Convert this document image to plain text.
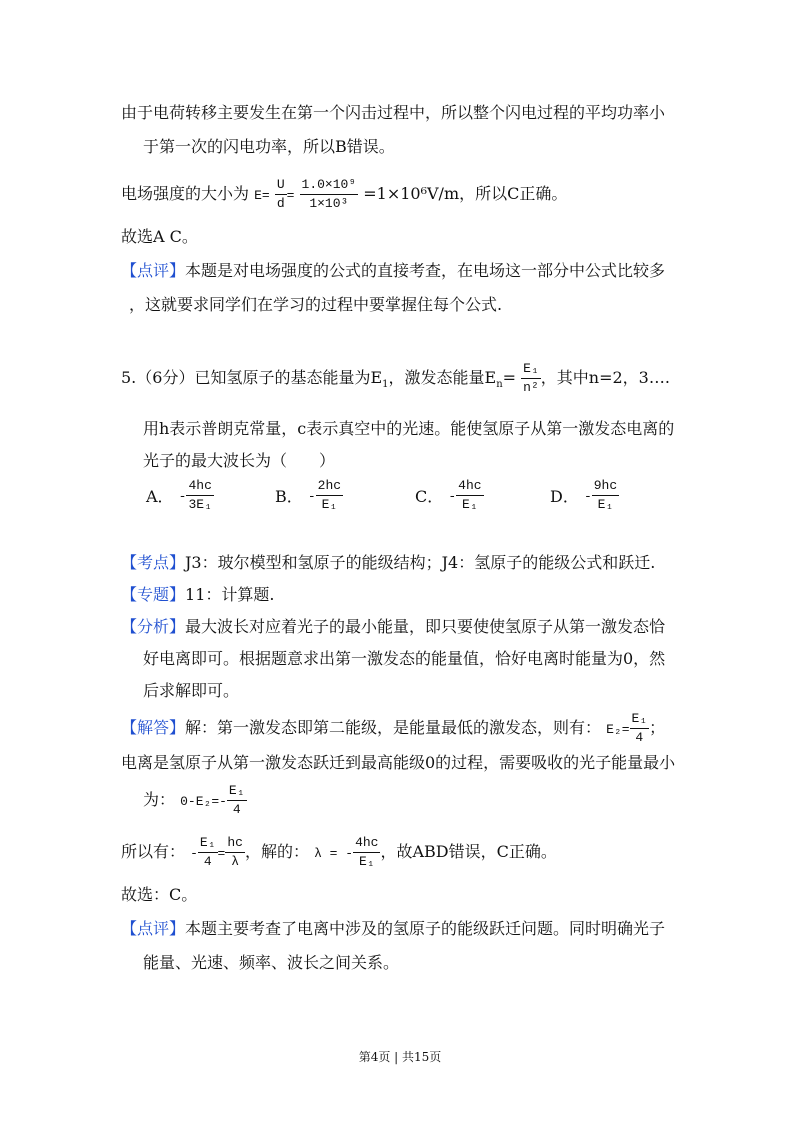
由于电荷转移主要发生在第一个闪击过程中，所以整个闪电过程的平均功率小
于第一次的闪电功率，所以B错误。
电场强度的大小为 $E= \frac{U}{d} = \frac{\text{1.0×10⁹}}{\text{1×10³}} =1\times 10^6V/m$，所以C正确。
故选A C。
【点评】本题是对电场强度的公式的直接考查，在电场这一部分中公式比较多
，这就要求同学们在学习的过程中要掌握住每个公式.
5.（6分）已知氢原子的基态能量为$E_1$，激发态能量$E_n= \frac{\text{E₁}}{\text{n²}}$ ，其中n=2，3….
用h表示普朗克常量，c表示真空中的光速。能使氢原子从第一激发态电离的
光子的最大波长为（　　）
A． - $\frac{4hc}{\text{3E₁}}$	B． - $\frac{2hc}{\text{E₁}}$	C． - $\frac{4hc}{\text{E₁}}$	D． - $\frac{9hc}{\text{E₁}}$
【考点】J3：玻尔模型和氢原子的能级结构；J4：氢原子的能级公式和跃迁.
【专题】11：计算题.
【分析】最大波长对应着光子的最小能量，即只要使使氢原子从第一激发态恰
好电离即可。根据题意求出第一激发态的能量值，恰好电离时能量为0，然
后求解即可。
【解答】解：第一激发态即第二能级，是能量最低的激发态，则有： $E_2= \frac{\text{E₁}}{4}$ ；
电离是氢原子从第一激发态跃迁到最高能级0的过程，需要吸收的光子能量最小
为： $0-E_2=- \frac{\text{E₁}}{4}$
所以有： - $\frac{\text{E₁}}{4} = \frac{hc}{\lambda}$ ，解的： λ = - $\frac{4hc}{\text{E₁}}$ ，故ABD错误，C正确。
故选：C。
【点评】本题主要考查了电离中涉及的氢原子的能级跃迁问题。同时明确光子
能量、光速、频率、波长之间关系。
第4页 | 共15页
